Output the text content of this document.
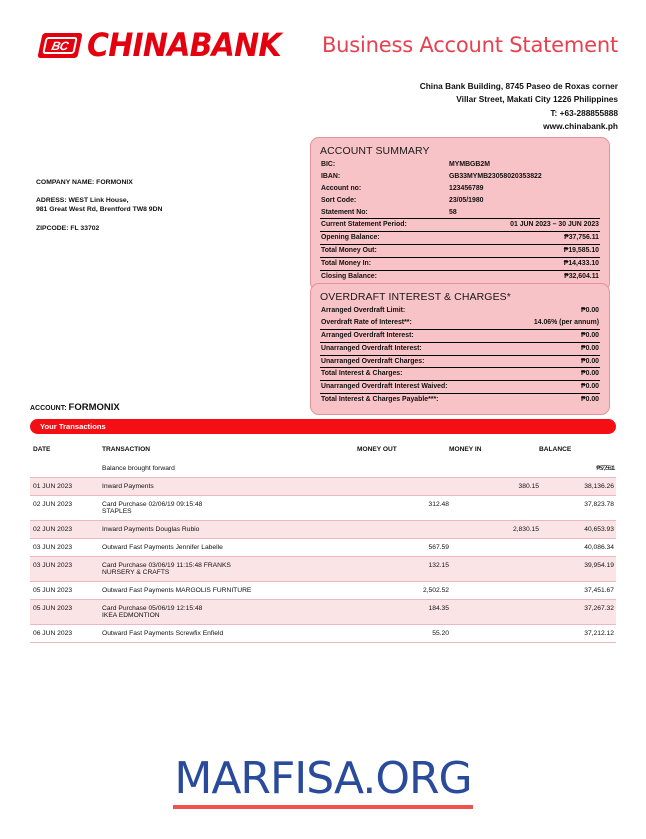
BC CHINABANK Business Account Statement
China Bank Building, 8745 Paseo de Roxas corner
Villar Street, Makati City 1226 Philippines
T: +63-288855888
www.chinabank.ph
COMPANY NAME: FORMONIX
ADRESS: WEST Link House,
981 Great West Rd, Brentford TW8 9DN
ZIPCODE: FL 33702
ACCOUNT SUMMARY
BIC:	MYMBGB2M
IBAN:	GB33MYMB23058020353822
Account no:	123456789
Sort Code:	23/05/1980
Statement No:	58
Current Statement Period:	01 JUN 2023 – 30 JUN 2023
Opening Balance:	₱37,756.11
Total Money Out:	₱19,585.10
Total Money In:	₱14,433.10
Closing Balance:	₱32,604.11
OVERDRAFT INTEREST & CHARGES*
Arranged Overdraft Limit:	₱0.00
Overdraft Rate of Interest**:	14.06% (per annum)
Arranged Overdraft Interest:	₱0.00
Unarranged Overdraft Interest:	₱0.00
Unarranged Overdraft Charges:	₱0.00
Total Interest & Charges:	₱0.00
Unarranged Overdraft Interest Waived:	₱0.00
Total Interest & Charges Payable***:	₱0.00
ACCOUNT: FORMONIX
Your Transactions
DATE	TRANSACTION	MONEY OUT	MONEY IN	BALANCE
	Balance brought forward			₱37,756.11
01 JUN 2023	Inward Payments		380.15	38,136.26
02 JUN 2023	Card Purchase 02/06/19 09:15:48
STAPLES	312.48		37,823.78
02 JUN 2023	Inward Payments Douglas Rubio		2,830.15	40,653.93
03 JUN 2023	Outward Fast Payments Jennifer Labelle	567.59		40,086.34
03 JUN 2023	Card Purchase 03/06/19 11:15:48 FRANKS
NURSERY & CRAFTS	132.15		39,954.19
05 JUN 2023	Outward Fast Payments MARGOLIS FURNITURE	2,502.52		37,451.67
05 JUN 2023	Card Purchase 05/06/19 12:15:48
IKEA EDMONTION	184.35		37,267.32
06 JUN 2023	Outward Fast Payments Screwfix Enfield	55.20		37,212.12
MARFISA.ORG
